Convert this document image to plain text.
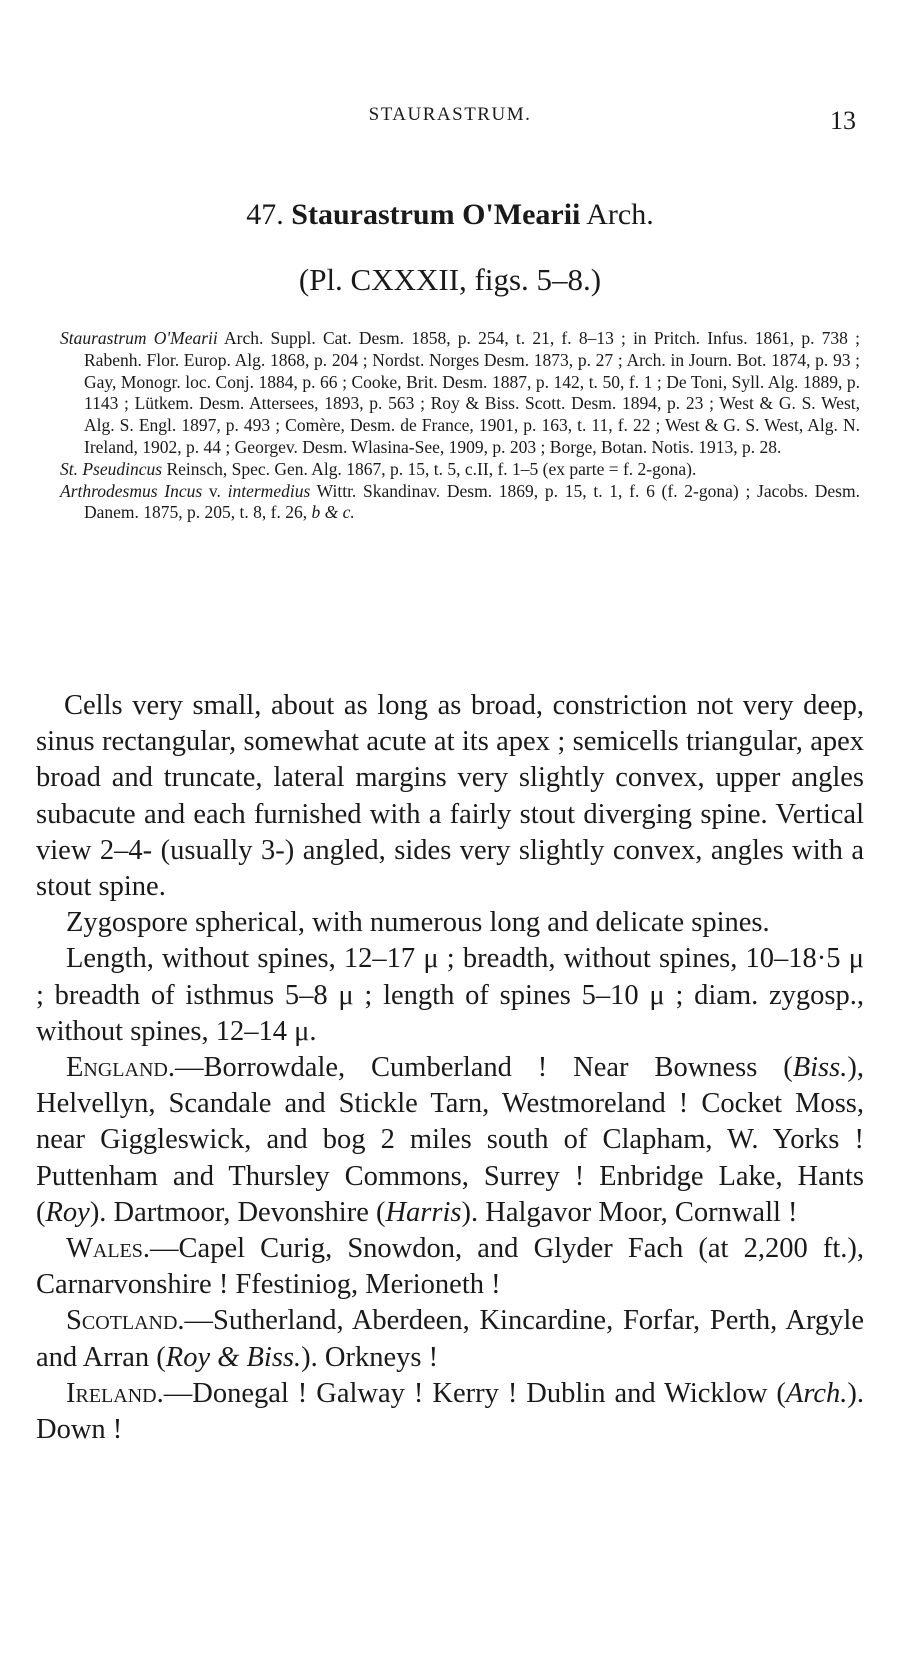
STAURASTRUM.	13
47. Staurastrum O'Mearii Arch.
(Pl. CXXXII, figs. 5–8.)

Staurastrum O'Mearii Arch. Suppl. Cat. Desm. 1858, p. 254, t. 21, f. 8–13 ; in Pritch. Infus. 1861, p. 738 ; Rabenh. Flor. Europ. Alg. 1868, p. 204 ; Nordst. Norges Desm. 1873, p. 27 ; Arch. in Journ. Bot. 1874, p. 93 ; Gay, Monogr. loc. Conj. 1884, p. 66 ; Cooke, Brit. Desm. 1887, p. 142, t. 50, f. 1 ; De Toni, Syll. Alg. 1889, p. 1143 ; Lütkem. Desm. Attersees, 1893, p. 563 ; Roy & Biss. Scott. Desm. 1894, p. 23 ; West & G. S. West, Alg. S. Engl. 1897, p. 493 ; Comère, Desm. de France, 1901, p. 163, t. 11, f. 22 ; West & G. S. West, Alg. N. Ireland, 1902, p. 44 ; Georgev. Desm. Wlasina-See, 1909, p. 203 ; Borge, Botan. Notis. 1913, p. 28.

St. Pseudincus Reinsch, Spec. Gen. Alg. 1867, p. 15, t. 5, c.II, f. 1–5 (ex parte = f. 2-gona).

Arthrodesmus Incus v. intermedius Wittr. Skandinav. Desm. 1869, p. 15, t. 1, f. 6 (f. 2-gona) ; Jacobs. Desm. Danem. 1875, p. 205, t. 8, f. 26, b & c.

Cells very small, about as long as broad, constriction not very deep, sinus rectangular, somewhat acute at its apex ; semicells triangular, apex broad and truncate, lateral margins very slightly convex, upper angles subacute and each furnished with a fairly stout diverging spine. Vertical view 2–4- (usually 3-) angled, sides very slightly convex, angles with a stout spine.

Zygospore spherical, with numerous long and delicate spines.

Length, without spines, 12–17 μ ; breadth, without spines, 10–18·5 μ ; breadth of isthmus 5–8 μ ; length of spines 5–10 μ ; diam. zygosp., without spines, 12–14 μ.

England.—Borrowdale, Cumberland ! Near Bowness (Biss.), Helvellyn, Scandale and Stickle Tarn, Westmoreland ! Cocket Moss, near Giggleswick, and bog 2 miles south of Clapham, W. Yorks ! Puttenham and Thursley Commons, Surrey ! Enbridge Lake, Hants (Roy). Dartmoor, Devonshire (Harris). Halgavor Moor, Cornwall !

Wales.—Capel Curig, Snowdon, and Glyder Fach (at 2,200 ft.), Carnarvonshire ! Ffestiniog, Merioneth !

Scotland.—Sutherland, Aberdeen, Kincardine, Forfar, Perth, Argyle and Arran (Roy & Biss.). Orkneys !

Ireland.—Donegal ! Galway ! Kerry ! Dublin and Wicklow (Arch.). Down !
